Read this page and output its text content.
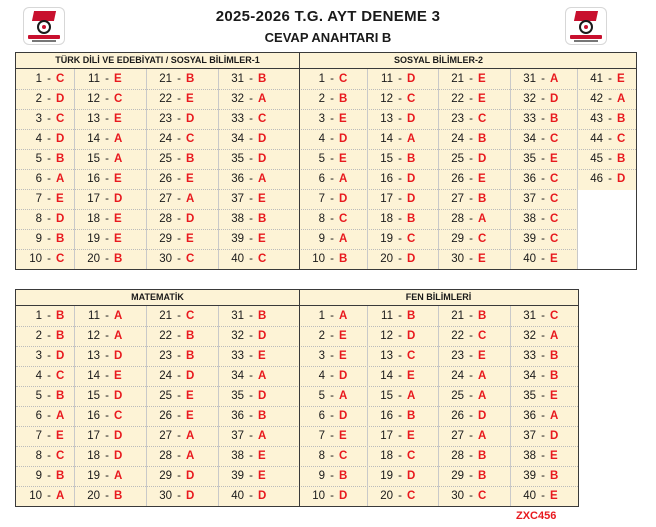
2025-2026 T.G. AYT DENEME 3
CEVAP ANAHTARI B
TÜRK DİLİ VE EDEBİYATI / SOSYAL BİLİMLER-1	SOSYAL BİLİMLER-2
1 - C
2 - D
3 - C
4 - D
5 - B
6 - A
7 - E
8 - D
9 - B
10 - C
11 - E
12 - C
13 - E
14 - A
15 - A
16 - E
17 - D
18 - E
19 - E
20 - B
21 - B
22 - E
23 - D
24 - C
25 - B
26 - E
27 - A
28 - D
29 - E
30 - C
31 - B
32 - A
33 - C
34 - D
35 - D
36 - A
37 - E
38 - B
39 - E
40 - C
1 - C
2 - B
3 - E
4 - D
5 - E
6 - A
7 - D
8 - C
9 - A
10 - B
11 - D
12 - C
13 - D
14 - A
15 - B
16 - D
17 - D
18 - B
19 - C
20 - D
21 - E
22 - E
23 - C
24 - B
25 - D
26 - E
27 - B
28 - A
29 - C
30 - E
31 - A
32 - D
33 - B
34 - C
35 - E
36 - C
37 - C
38 - C
39 - C
40 - E
MATEMATİK	FEN BİLİMLERİ
1 - B
2 - B
3 - D
4 - C
5 - B
6 - A
7 - E
8 - C
9 - B
10 - A
11 - A
12 - A
13 - D
14 - E
15 - D
16 - C
17 - D
18 - D
19 - A
20 - B
21 - C
22 - B
23 - B
24 - D
25 - E
26 - E
27 - A
28 - A
29 - D
30 - D
31 - B
32 - D
33 - E
34 - A
35 - D
36 - B
37 - A
38 - E
39 - E
40 - D
1 - A
2 - E
3 - E
4 - D
5 - A
6 - D
7 - E
8 - C
9 - B
10 - D
11 - B
12 - D
13 - C
14 - E
15 - A
16 - B
17 - E
18 - C
19 - D
20 - C
21 - B
22 - C
23 - E
24 - A
25 - A
26 - D
27 - A
28 - B
29 - B
30 - C
31 - C
32 - A
33 - B
34 - B
35 - E
36 - A
37 - D
38 - E
39 - B
40 - E
ZXC456
41 - E
42 - A
43 - B
44 - C
45 - B
46 - D
